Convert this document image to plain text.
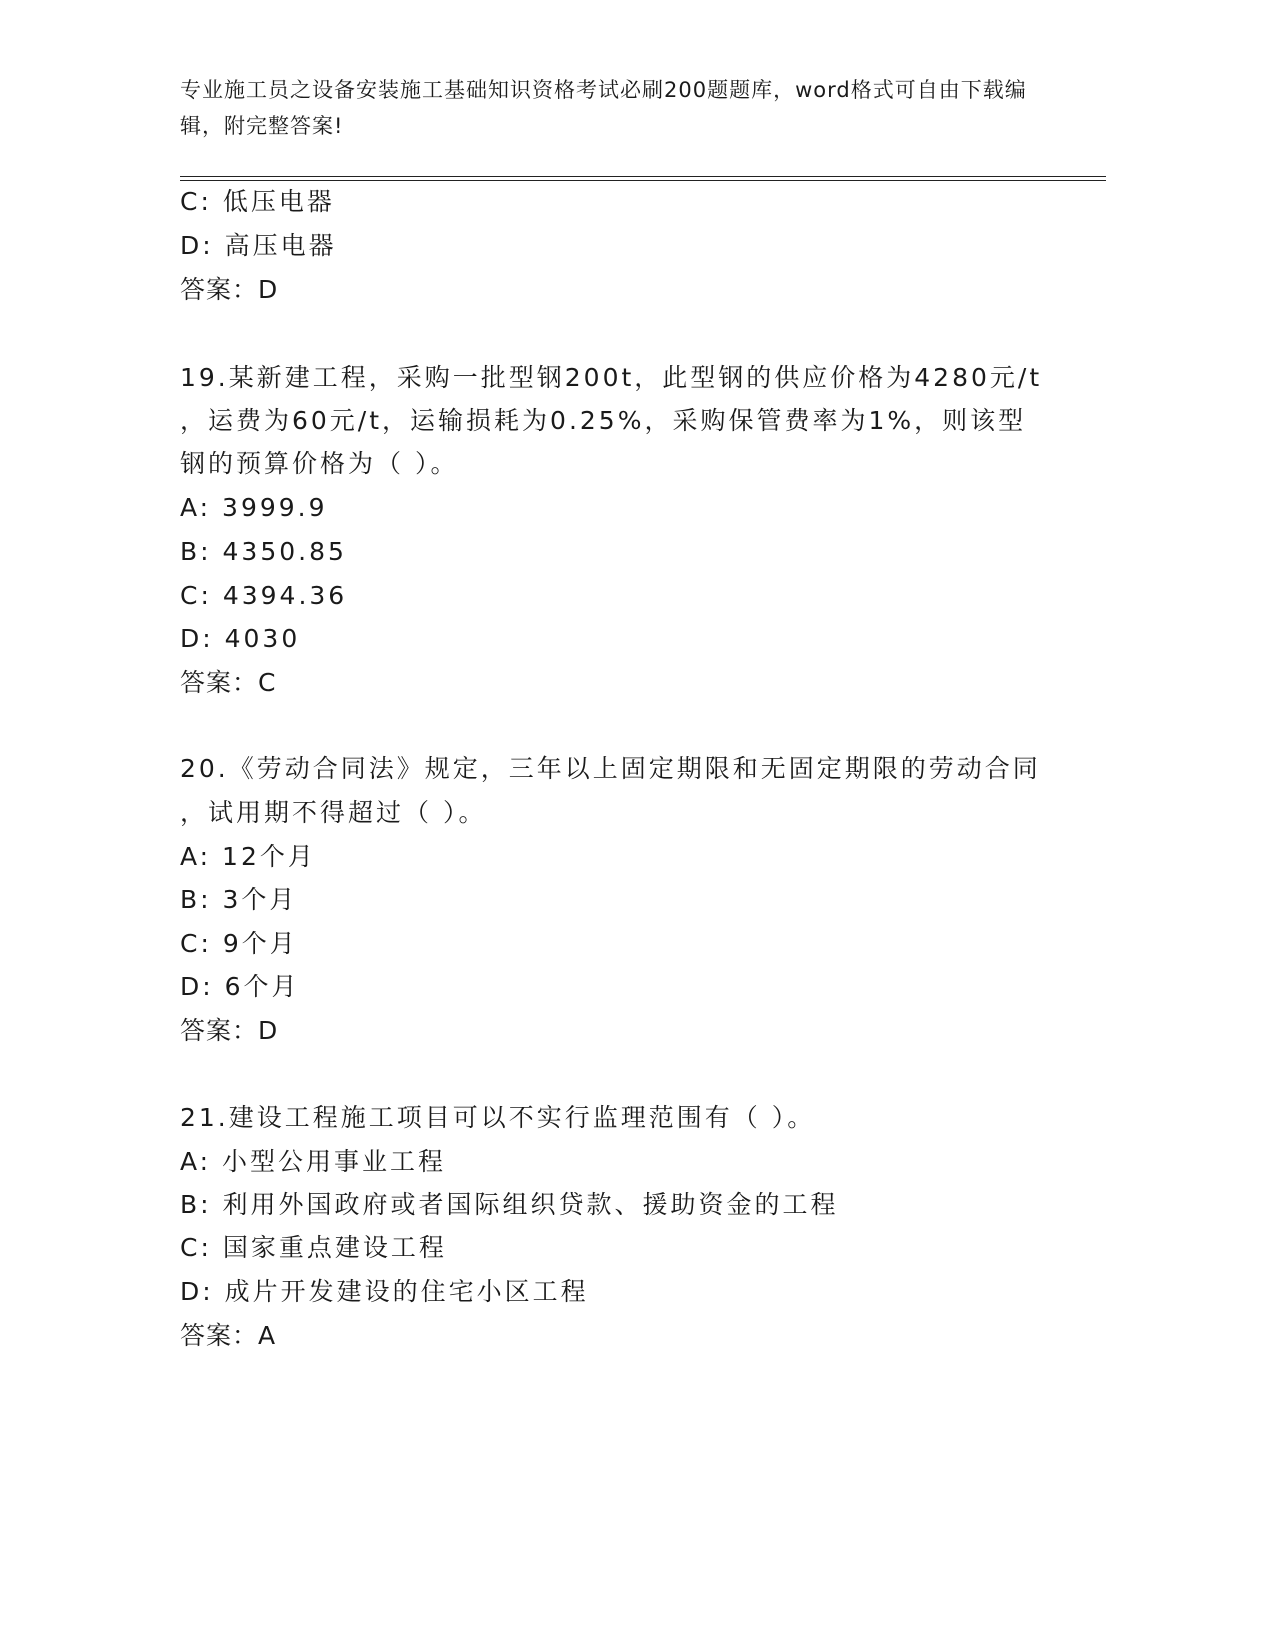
专业施工员之设备安装施工基础知识资格考试必刷200题题库，word格式可自由下载编辑，附完整答案!
C: 低压电器
D: 高压电器
答案：D
19.某新建工程，采购一批型钢200t，此型钢的供应价格为4280元/t
，运费为60元/t，运输损耗为0.25%，采购保管费率为1%，则该型
钢的预算价格为（ ）。
A: 3999.9
B: 4350.85
C: 4394.36
D: 4030
答案：C
20.《劳动合同法》规定，三年以上固定期限和无固定期限的劳动合同
，试用期不得超过（ ）。
A: 12个月
B: 3个月
C: 9个月
D: 6个月
答案：D
21.建设工程施工项目可以不实行监理范围有（ ）。
A: 小型公用事业工程
B: 利用外国政府或者国际组织贷款、援助资金的工程
C: 国家重点建设工程
D: 成片开发建设的住宅小区工程
答案：A
